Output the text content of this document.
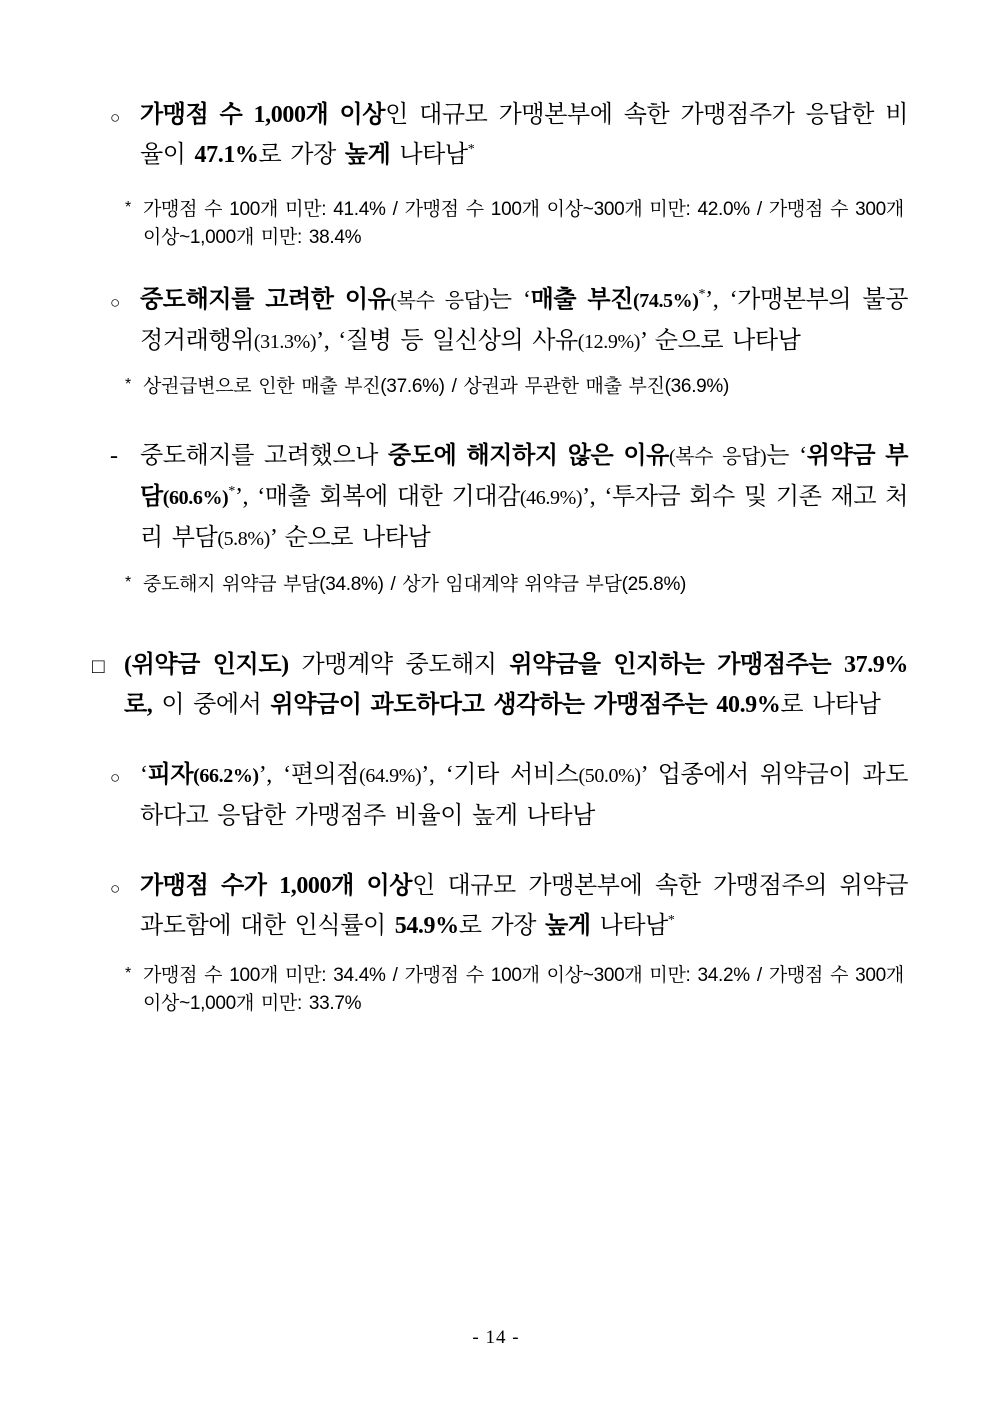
○ 가맹점 수 1,000개 이상인 대규모 가맹본부에 속한 가맹점주가 응답한 비율이 47.1%로 가장 높게 나타남*
* 가맹점 수 100개 미만: 41.4% / 가맹점 수 100개 이상~300개 미만: 42.0% / 가맹점 수 300개 이상~1,000개 미만: 38.4%
○ 중도해지를 고려한 이유(복수 응답)는 ‘매출 부진(74.5%)*’, ‘가맹본부의 불공정거래행위(31.3%)’, ‘질병 등 일신상의 사유(12.9%)’ 순으로 나타남
* 상권급변으로 인한 매출 부진(37.6%) / 상권과 무관한 매출 부진(36.9%)
- 중도해지를 고려했으나 중도에 해지하지 않은 이유(복수 응답)는 ‘위약금 부담(60.6%)*’, ‘매출 회복에 대한 기대감(46.9%)’, ‘투자금 회수 및 기존 재고 처리 부담(5.8%)’ 순으로 나타남
* 중도해지 위약금 부담(34.8%) / 상가 임대계약 위약금 부담(25.8%)
□ (위약금 인지도) 가맹계약 중도해지 위약금을 인지하는 가맹점주는 37.9%로, 이 중에서 위약금이 과도하다고 생각하는 가맹점주는 40.9%로 나타남
○ ‘피자(66.2%)’, ‘편의점(64.9%)’, ‘기타 서비스(50.0%)’ 업종에서 위약금이 과도하다고 응답한 가맹점주 비율이 높게 나타남
○ 가맹점 수가 1,000개 이상인 대규모 가맹본부에 속한 가맹점주의 위약금 과도함에 대한 인식률이 54.9%로 가장 높게 나타남*
* 가맹점 수 100개 미만: 34.4% / 가맹점 수 100개 이상~300개 미만: 34.2% / 가맹점 수 300개 이상~1,000개 미만: 33.7%
- 14 -
